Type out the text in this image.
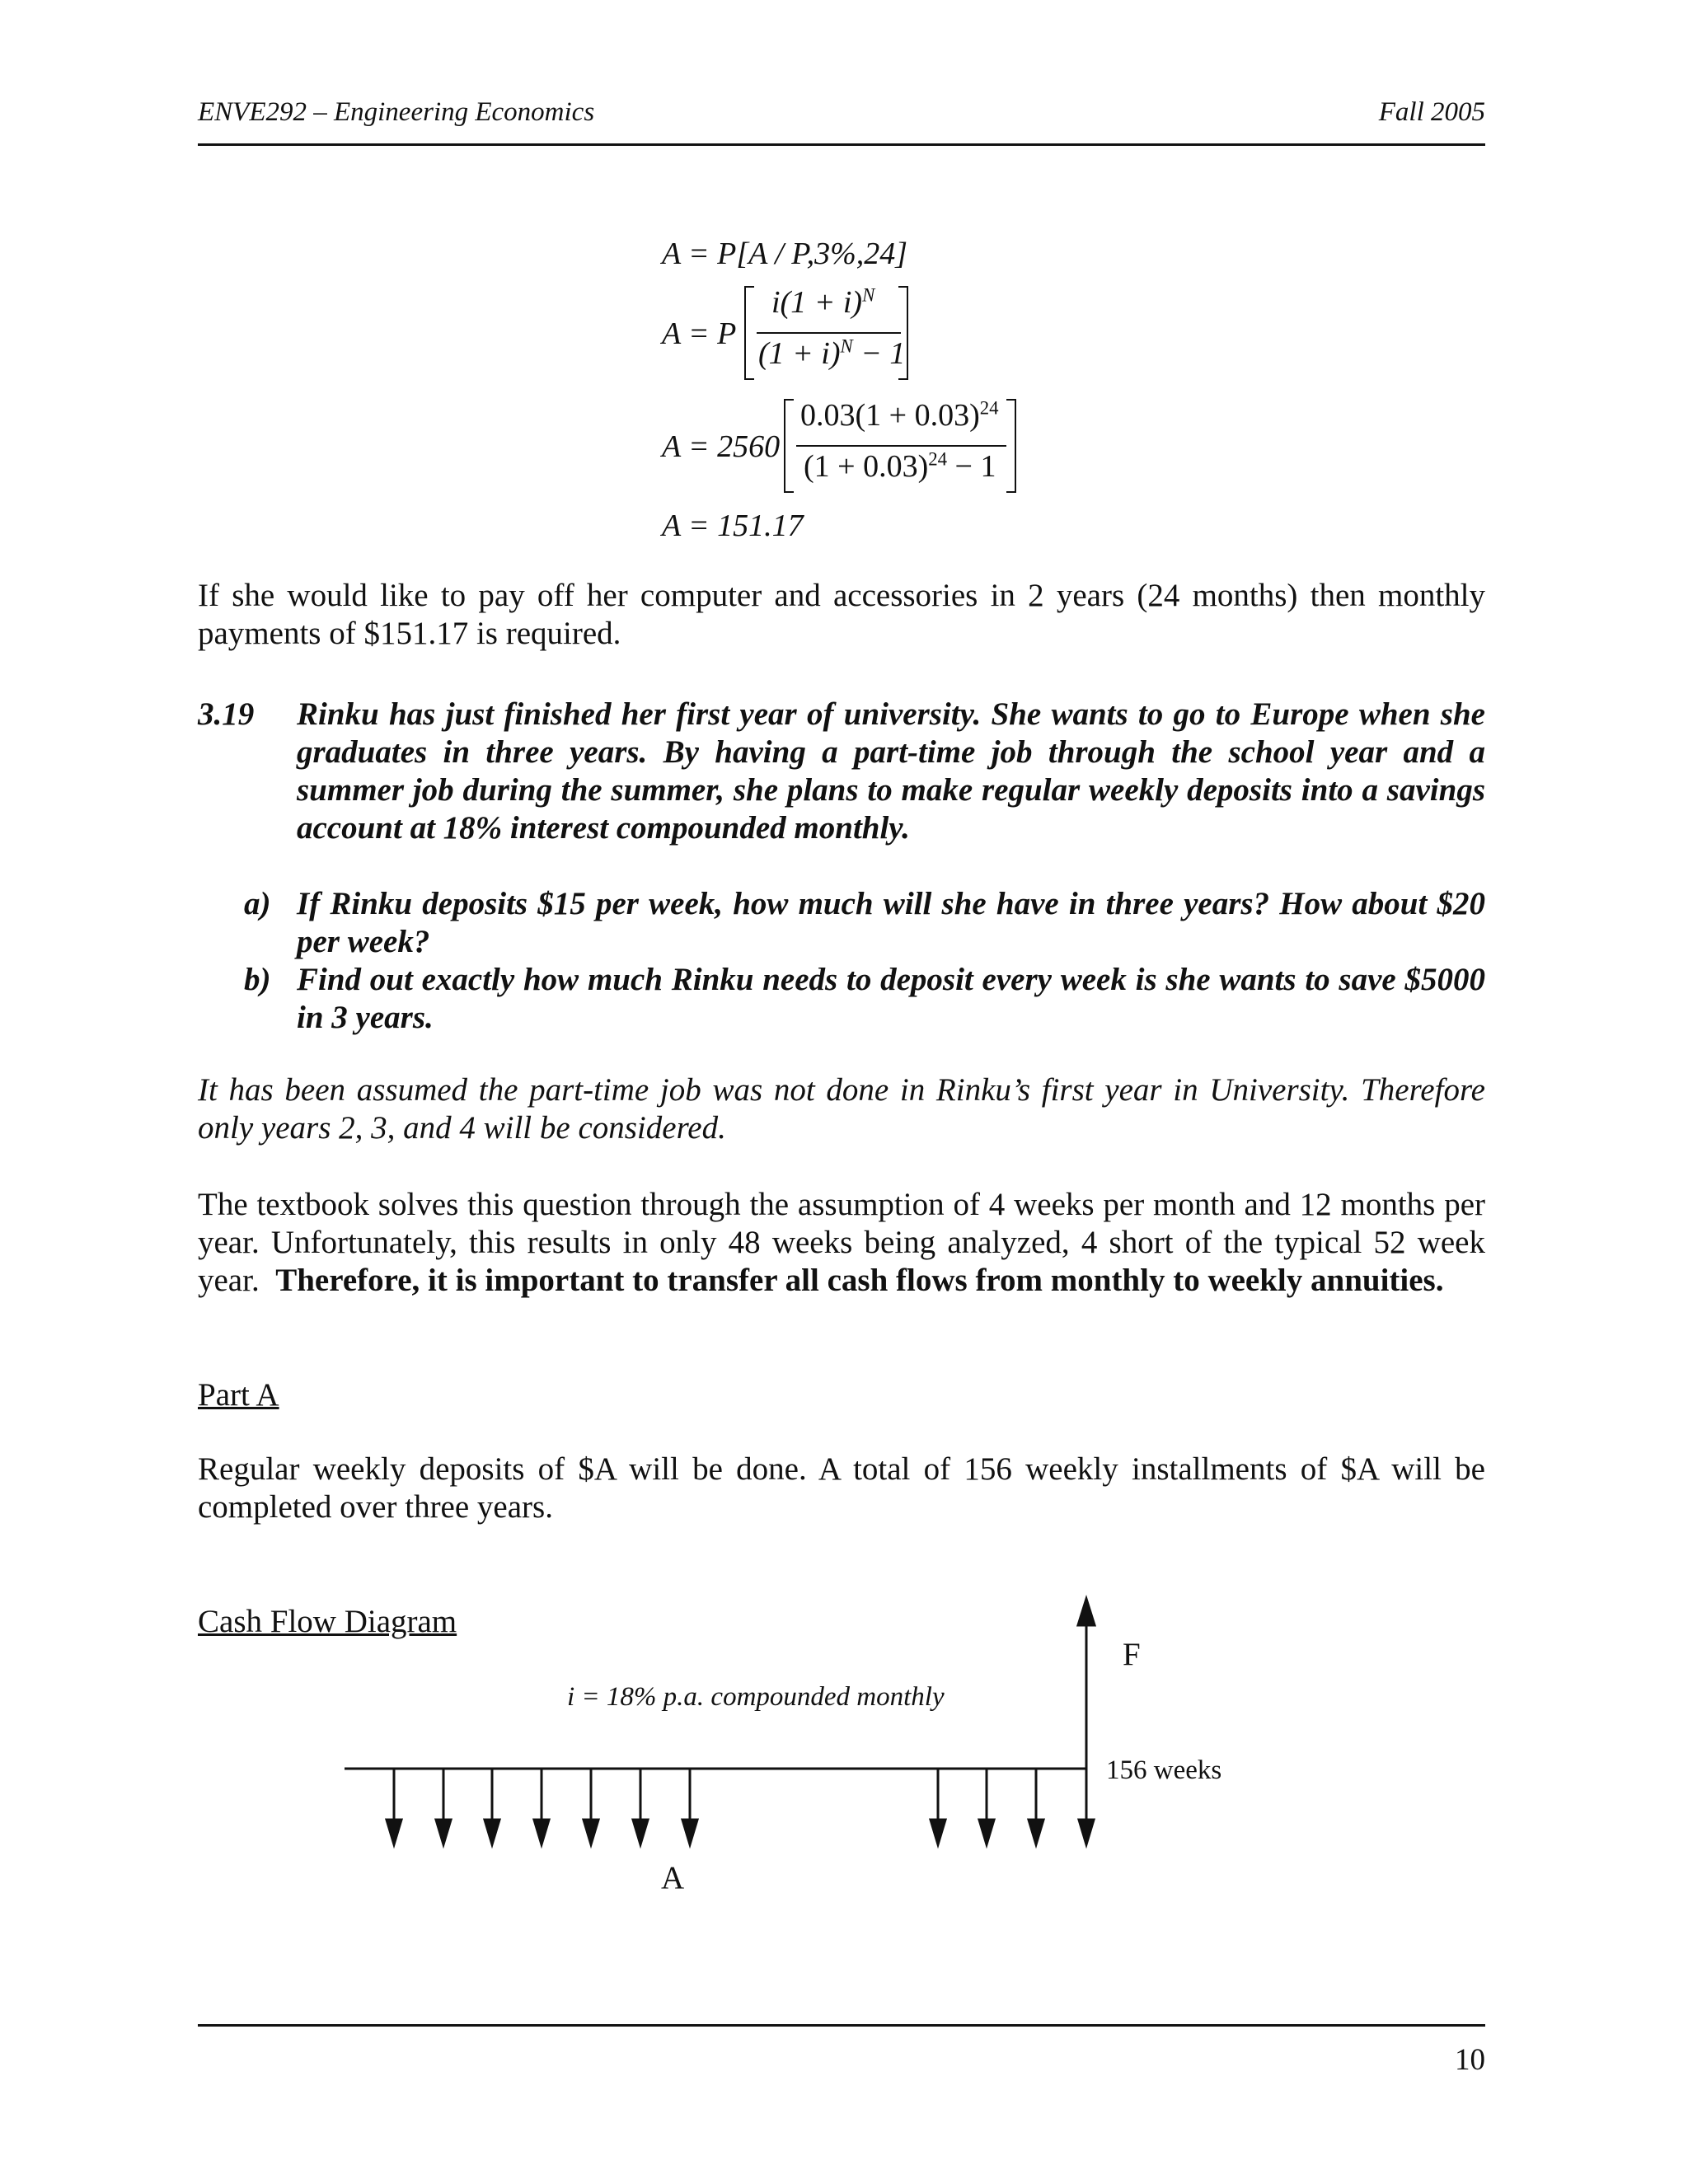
ENVE292 – Engineering Economics	Fall 2005
A = P[A / P,3%,24]
A = P
$i(1 + i)^N$
$(1 + i)^N - 1$
A = 2560
$0.03(1 + 0.03)^{24}$
$(1 + 0.03)^{24} - 1$
A = 151.17

If she would like to pay off her computer and accessories in 2 years (24 months) then monthly payments of $151.17 is required.

3.19 Rinku has just finished her first year of university. She wants to go to Europe when she graduates in three years. By having a part-time job through the school year and a summer job during the summer, she plans to make regular weekly deposits into a savings account at 18% interest compounded monthly.

a) If Rinku deposits $15 per week, how much will she have in three years? How about $20 per week?

b) Find out exactly how much Rinku needs to deposit every week is she wants to save $5000 in 3 years.

It has been assumed the part-time job was not done in Rinku’s first year in University. Therefore only years 2, 3, and 4 will be considered.

The textbook solves this question through the assumption of 4 weeks per month and 12 months per year. Unfortunately, this results in only 48 weeks being analyzed, 4 short of the typical 52 week year. Therefore, it is important to transfer all cash flows from monthly to weekly annuities.

Part A

Regular weekly deposits of $A will be done. A total of 156 weekly installments of $A will be completed over three years.

Cash Flow Diagram
i = 18% p.a. compounded monthly
F
156 weeks
A
10
